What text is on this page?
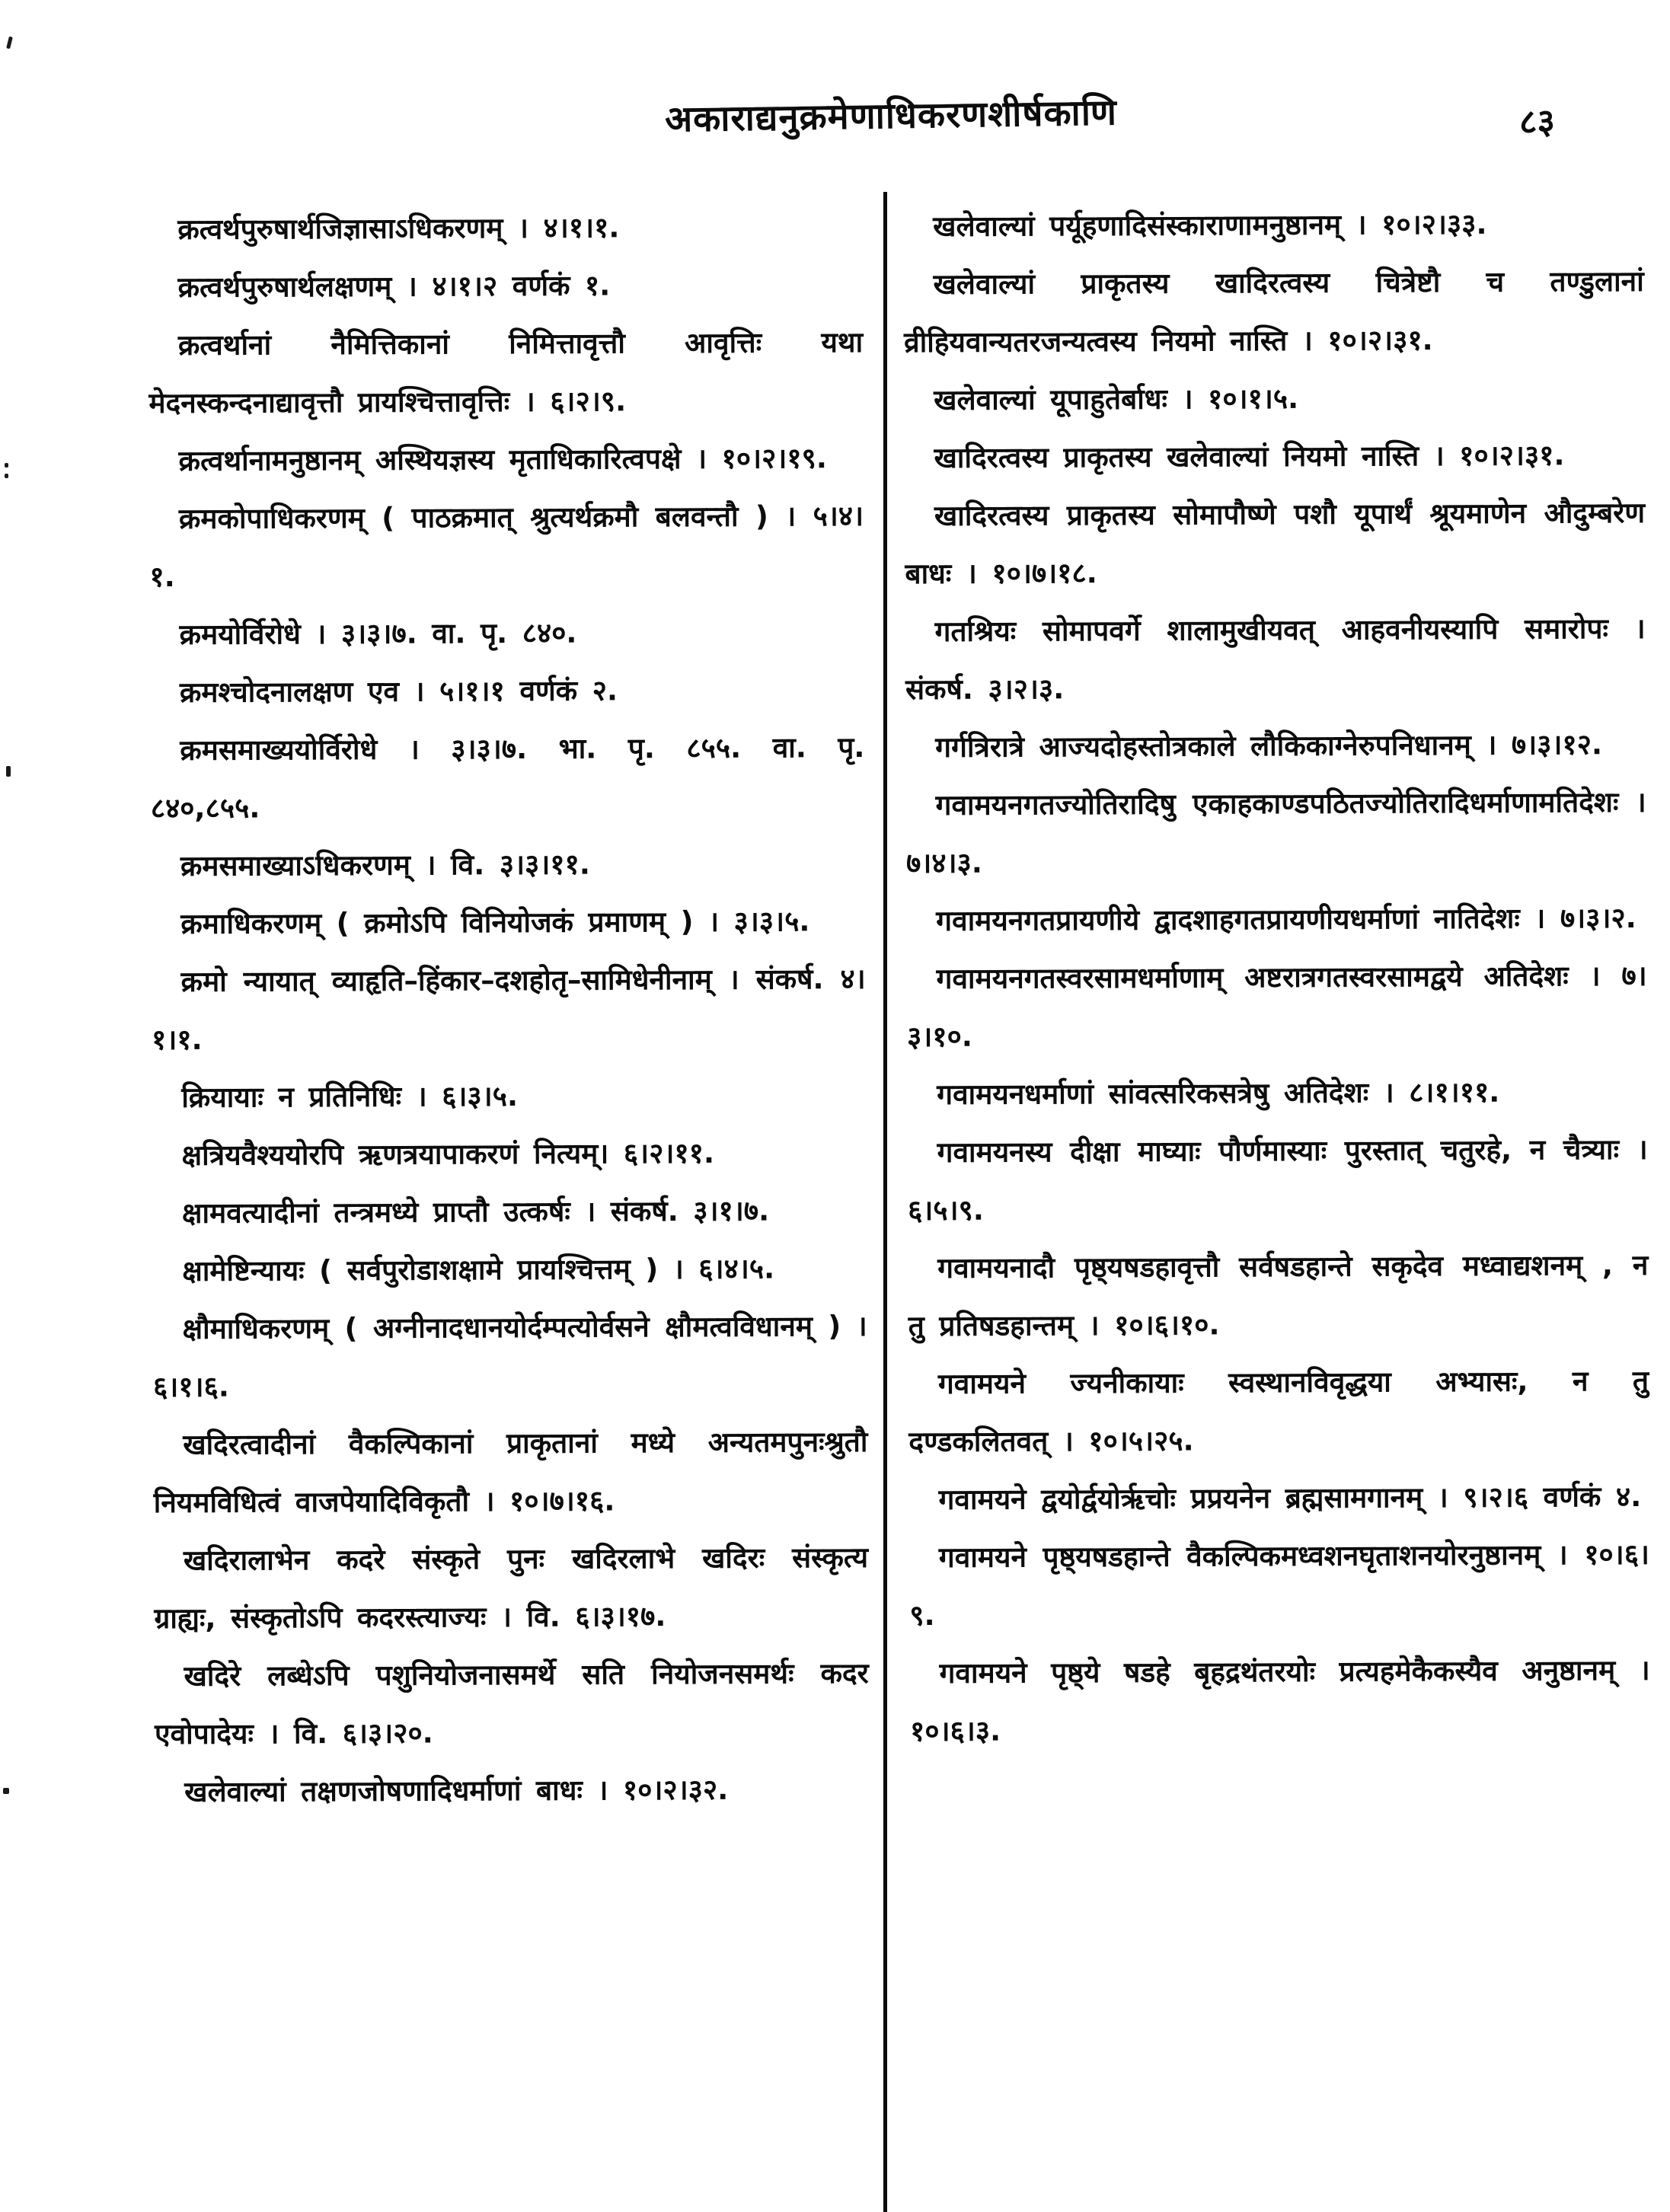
अकाराद्यनुक्रमेणाधिकरणशीर्षकाणि	८३

क्रत्वर्थपुरुषार्थजिज्ञासाऽधिकरणम् । ४।१।१.

क्रत्वर्थपुरुषार्थलक्षणम् । ४।१।२ वर्णकं १.

क्रत्वर्थानां नैमित्तिकानां निमित्तावृत्तौ आवृत्तिः यथा मेदनस्कन्दनाद्यावृत्तौ प्रायश्चित्तावृत्तिः । ६।२।९.

क्रत्वर्थानामनुष्ठानम् अस्थियज्ञस्य मृताधिकारित्वपक्षे । १०।२।१९.

क्रमकोपाधिकरणम् ( पाठक्रमात् श्रुत्यर्थक्रमौ बलवन्तौ ) । ५।४।१.

क्रमयोर्विरोधे । ३।३।७. वा. पृ. ८४०.

क्रमश्चोदनालक्षण एव । ५।१।१ वर्णकं २.

क्रमसमाख्ययोर्विरोधे । ३।३।७. भा. पृ. ८५५. वा. पृ. ८४०,८५५.

क्रमसमाख्याऽधिकरणम् । वि. ३।३।११.

क्रमाधिकरणम् ( क्रमोऽपि विनियोजकं प्रमाणम् ) । ३।३।५.

क्रमो न्यायात् व्याहृति–हिंकार–दशहोतृ–सामिधेनीनाम् । संकर्ष. ४।१।१.

क्रियायाः न प्रतिनिधिः । ६।३।५.

क्षत्रियवैश्ययोरपि ऋणत्रयापाकरणं नित्यम्। ६।२।११.

क्षामवत्यादीनां तन्त्रमध्ये प्राप्तौ उत्कर्षः । संकर्ष. ३।१।७.

क्षामेष्टिन्यायः ( सर्वपुरोडाशक्षामे प्रायश्चित्तम् ) । ६।४।५.

क्षौमाधिकरणम् ( अग्नीनादधानयोर्दम्पत्योर्वसने क्षौमत्वविधानम् ) । ६।१।६.

खदिरत्वादीनां वैकल्पिकानां प्राकृतानां मध्ये अन्यतमपुनःश्रुतौ नियमविधित्वं वाजपेयादिविकृतौ । १०।७।१६.

खदिरालाभेन कदरे संस्कृते पुनः खदिरलाभे खदिरः संस्कृत्य ग्राह्यः, संस्कृतोऽपि कदरस्त्याज्यः । वि. ६।३।१७.

खदिरे लब्धेऽपि पशुनियोजनासमर्थे सति नियोजनसमर्थः कदर एवोपादेयः । वि. ६।३।२०.

खलेवाल्यां तक्षणजोषणादिधर्माणां बाधः । १०।२।३२.

खलेवाल्यां पर्यूहणादिसंस्काराणामनुष्ठानम् । १०।२।३३.

खलेवाल्यां प्राकृतस्य खादिरत्वस्य चित्रेष्टौ च तण्डुलानां व्रीहियवान्यतरजन्यत्वस्य नियमो नास्ति । १०।२।३१.

खलेवाल्यां यूपाहुतेर्बाधः । १०।१।५.

खादिरत्वस्य प्राकृतस्य खलेवाल्यां नियमो नास्ति । १०।२।३१.

खादिरत्वस्य प्राकृतस्य सोमापौष्णे पशौ यूपार्थं श्रूयमाणेन औदुम्बरेण बाधः । १०।७।१८.

गतश्रियः सोमापवर्गे शालामुखीयवत् आहवनीयस्यापि समारोपः । संकर्ष. ३।२।३.

गर्गत्रिरात्रे आज्यदोहस्तोत्रकाले लौकिकाग्नेरुपनिधानम् । ७।३।१२.

गवामयनगतज्योतिरादिषु एकाहकाण्डपठितज्योतिरादिधर्माणामतिदेशः । ७।४।३.

गवामयनगतप्रायणीये द्वादशाहगतप्रायणीयधर्माणां नातिदेशः । ७।३।२.

गवामयनगतस्वरसामधर्माणाम् अष्टरात्रगतस्वरसामद्वये अतिदेशः । ७।३।१०.

गवामयनधर्माणां सांवत्सरिकसत्रेषु अतिदेशः । ८।१।११.

गवामयनस्य दीक्षा माघ्याः पौर्णमास्याः पुरस्तात् चतुरहे, न चैत्र्याः । ६।५।९.

गवामयनादौ पृष्ठ्यषडहावृत्तौ सर्वषडहान्ते सकृदेव मध्वाद्यशनम् , न तु प्रतिषडहान्तम् । १०।६।१०.

गवामयने ज्यनीकायाः स्वस्थानविवृद्धया अभ्यासः, न तु दण्डकलितवत् । १०।५।२५.

गवामयने द्वयोर्द्वयोर्ऋचोः प्रप्रयनेन ब्रह्मसामगानम् । ९।२।६ वर्णकं ४.

गवामयने पृष्ठ्यषडहान्ते वैकल्पिकमध्वशनघृताशनयोरनुष्ठानम् । १०।६।९.

गवामयने पृष्ठ्ये षडहे बृहद्रथंतरयोः प्रत्यहमेकैकस्यैव अनुष्ठानम् । १०।६।३.
